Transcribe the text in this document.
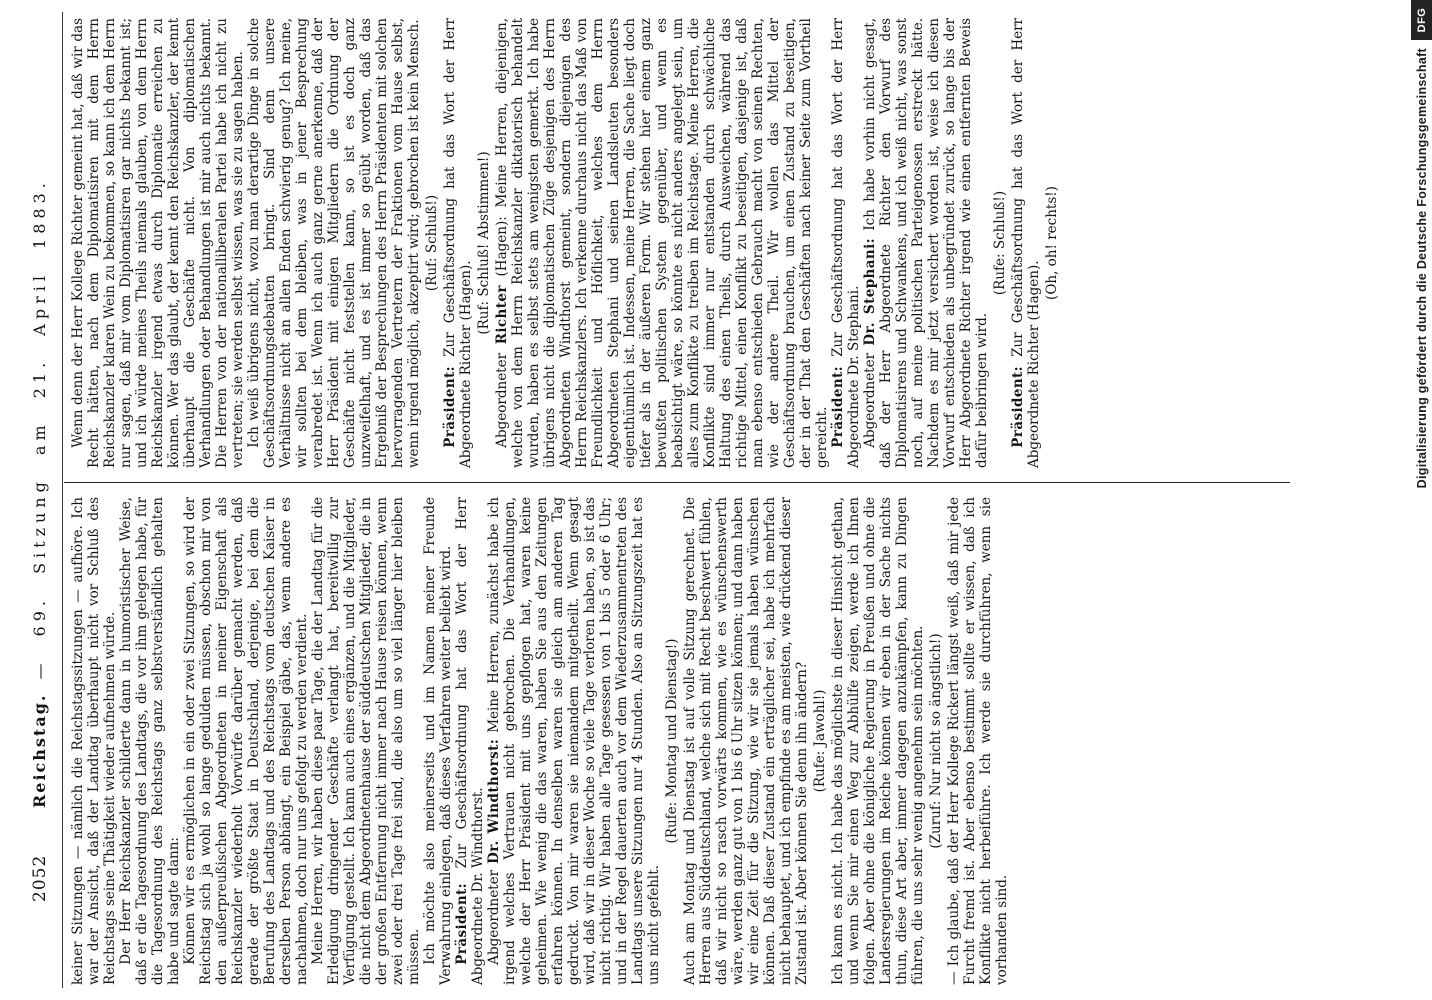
2052
Reichstag.— 69. Sitzung am 21. April 1883.

keiner Sitzungen — nämlich die Reichstagssitzungen — aufhöre. Ich war der Ansicht, daß der Landtag überhaupt nicht vor Schluß des Reichstags seine Thätigkeit wieder aufnehmen würde. Der Herr Reichskanzler schilderte dann in humoristischer Weise, daß er die Tagesordnung des Landtags, die vor ihm gelegen habe, für die Tagesordnung des Reichstags ganz selbstverständlich gehalten habe und sagte dann: Können wir es ermöglichen in ein oder zwei Sitzungen, so wird der Reichstag sich ja wohl so lange gedulden müssen, obschon mir von den außerpreußischen Abgeordneten in meiner Eigenschaft als Reichskanzler wiederholt Vorwürfe darüber gemacht werden, daß gerade der größte Staat in Deutschland, derjenige, bei dem die Berufung des Landtags und des Reichstags vom deutschen Kaiser in derselben Person abhängt, ein Beispiel gäbe, das, wenn andere es nachahmen, doch nur uns gefolgt zu werden verdient. Meine Herren, wir haben diese paar Tage, die der Landtag für die Erledigung dringender Geschäfte verlangt hat, bereitwillig zur Verfügung gestellt. Ich kann auch eines ergänzen, und die Mitglieder, die nicht dem Abgeordnetenhause der süddeutschen Mitglieder, die in der großen Entfernung nicht immer nach Hause reisen können, wenn zwei oder drei Tage frei sind, die also um so viel länger hier bleiben müssen. Ich möchte also meinerseits und im Namen meiner Freunde Verwahrung einlegen, daß dieses Verfahren weiter beliebt wird. Präsident: Zur Geschäftsordnung hat das Wort der Herr Abgeordnete Dr. Windthorst. Abgeordneter Dr. Windthorst: Meine Herren, zunächst habe ich irgend welches Vertrauen nicht gebrochen. Die Verhandlungen, welche der Herr Präsident mit uns gepflogen hat, waren keine geheimen. Wie wenig die das waren, haben Sie aus den Zeitungen erfahren können. In denselben waren sie gleich am anderen Tag gedruckt. Von mir waren sie niemandem mitgetheilt. Wenn gesagt wird, daß wir in dieser Woche so viele Tage verloren haben, so ist das nicht richtig. Wir haben alle Tage gesessen von 1 bis 5 oder 6 Uhr; und in der Regel dauerten auch vor dem Wiederzusammentreten des Landtags unsere Sitzungen nur 4 Stunden. Also an Sitzungszeit hat es uns nicht gefehlt.

(Rufe: Montag und Dienstag!) Auch am Montag und Dienstag ist auf volle Sitzung gerechnet. Die Herren aus Süddeutschland, welche sich mit Recht beschwert fühlen, daß wir nicht so rasch vorwärts kommen, wie es wünschenswerth wäre, werden ganz gut von 1 bis 6 Uhr sitzen können; und dann haben wir eine Zeit für die Sitzung, wie wir sie jemals haben wünschen können. Daß dieser Zustand ein erträglicher sei, habe ich mehrfach nicht behauptet, und ich empfinde es am meisten, wie drückend dieser Zustand ist. Aber können Sie denn ihn ändern? (Rufe: Jawohl!) Ich kann es nicht. Ich habe das möglichste in dieser Hinsicht gethan, und wenn Sie mir einen Weg zur Abhülfe zeigen, werde ich Ihnen folgen. Aber ohne die königliche Regierung in Preußen und ohne die Landesregierungen im Reiche können wir eben in der Sache nichts thun, diese Art aber, immer dagegen anzukämpfen, kann zu Dingen führen, die uns sehr wenig angenehm sein möchten. (Zuruf: Nur nicht so ängstlich!) — Ich glaube, daß der Herr Kollege Rickert längst weiß, daß mir jede Furcht fremd ist. Aber ebenso bestimmt sollte er wissen, daß ich Konflikte nicht herbeiführe. Ich werde sie durchführen, wenn sie vorhanden sind.

Wenn denn der Herr Kollege Richter gemeint hat, daß wir das Recht hätten, nach dem Diplomatisiren mit dem Herrn Reichskanzler klaren Wein zu bekommen, so kann ich dem Herrn nur sagen, daß mir vom Diplomatisiren gar nichts bekannt ist; und ich würde meines Theils niemals glauben, von dem Herrn Reichskanzler irgend etwas durch Diplomatie erreichen zu können. Wer das glaubt, der kennt den Reichskanzler, der kennt überhaupt die Geschäfte nicht. Von diplomatischen Verhandlungen oder Behandlungen ist mir auch nichts bekannt. Die Herren von der nationalliberalen Partei habe ich nicht zu vertreten; sie werden selbst wissen, was sie zu sagen haben. Ich weiß übrigens nicht, wozu man derartige Dinge in solche Geschäftsordnungsdebatten bringt. Sind denn unsere Verhältnisse nicht an allen Enden schwierig genug? Ich meine, wir sollten bei dem bleiben, was in jener Besprechung verabredet ist. Wenn ich auch ganz gerne anerkenne, daß der Herr Präsident mit einigen Mitgliedern die Ordnung der Geschäfte nicht feststellen kann, so ist es doch ganz unzweifelhaft, und es ist immer so geübt worden, daß das Ergebniß der Besprechungen des Herrn Präsidenten mit solchen hervorragenden Vertretern der Fraktionen vom Hause selbst, wenn irgend möglich, akzeptirt wird; gebrochen ist kein Mensch. (Ruf: Schluß!)

Präsident: Zur Geschäftsordnung hat das Wort der Herr Abgeordnete Richter (Hagen).

(Ruf: Schluß! Abstimmen!)

Abgeordneter Richter (Hagen): Meine Herren, diejenigen, welche von dem Herrn Reichskanzler diktatorisch behandelt wurden, haben es selbst stets am wenigsten gemerkt. Ich habe übrigens nicht die diplomatischen Züge desjenigen des Herrn Abgeordneten Windthorst gemeint, sondern diejenigen des Herrn Reichskanzlers. Ich verkenne durchaus nicht das Maß von Freundlichkeit und Höflichkeit, welches dem Herrn Abgeordneten Stephani und seinen Landsleuten besonders eigenthümlich ist. Indessen, meine Herren, die Sache liegt doch tiefer als in der äußeren Form. Wir stehen hier einem ganz bewußten politischen System gegenüber, und wenn es beabsichtigt wäre, so könnte es nicht anders angelegt sein, um alles zum Konflikte zu treiben im Reichstage. Meine Herren, die Konflikte sind immer nur entstanden durch schwächliche Haltung des einen Theils, durch Ausweichen, während das richtige Mittel, einen Konflikt zu beseitigen, dasjenige ist, daß man ebenso entschieden Gebrauch macht von seinen Rechten, wie der andere Theil. Wir wollen das Mittel der Geschäftsordnung brauchen, um einen Zustand zu beseitigen, der in der That den Geschäften nach keiner Seite zum Vortheil gereicht. Präsident: Zur Geschäftsordnung hat das Wort der Herr Abgeordnete Dr. Stephani. Abgeordneter Dr. Stephani: Ich habe vorhin nicht gesagt, daß der Herr Abgeordnete Richter den Vorwurf des Diplomatisirens und Schwankens, und ich weiß nicht, was sonst noch, auf meine politischen Parteigenossen erstreckt hätte. Nachdem es mir jetzt versichert worden ist, weise ich diesen Vorwurf entschieden als unbegründet zurück, so lange bis der Herr Abgeordnete Richter irgend wie einen entfernten Beweis dafür beibringen wird.

(Rufe: Schluß!)

Präsident: Zur Geschäftsordnung hat das Wort der Herr Abgeordnete Richter (Hagen).

(Oh, oh! rechts!)	Digitalisierung gefördert durch die Deutsche Forschungsgemeinschaft
DFG
